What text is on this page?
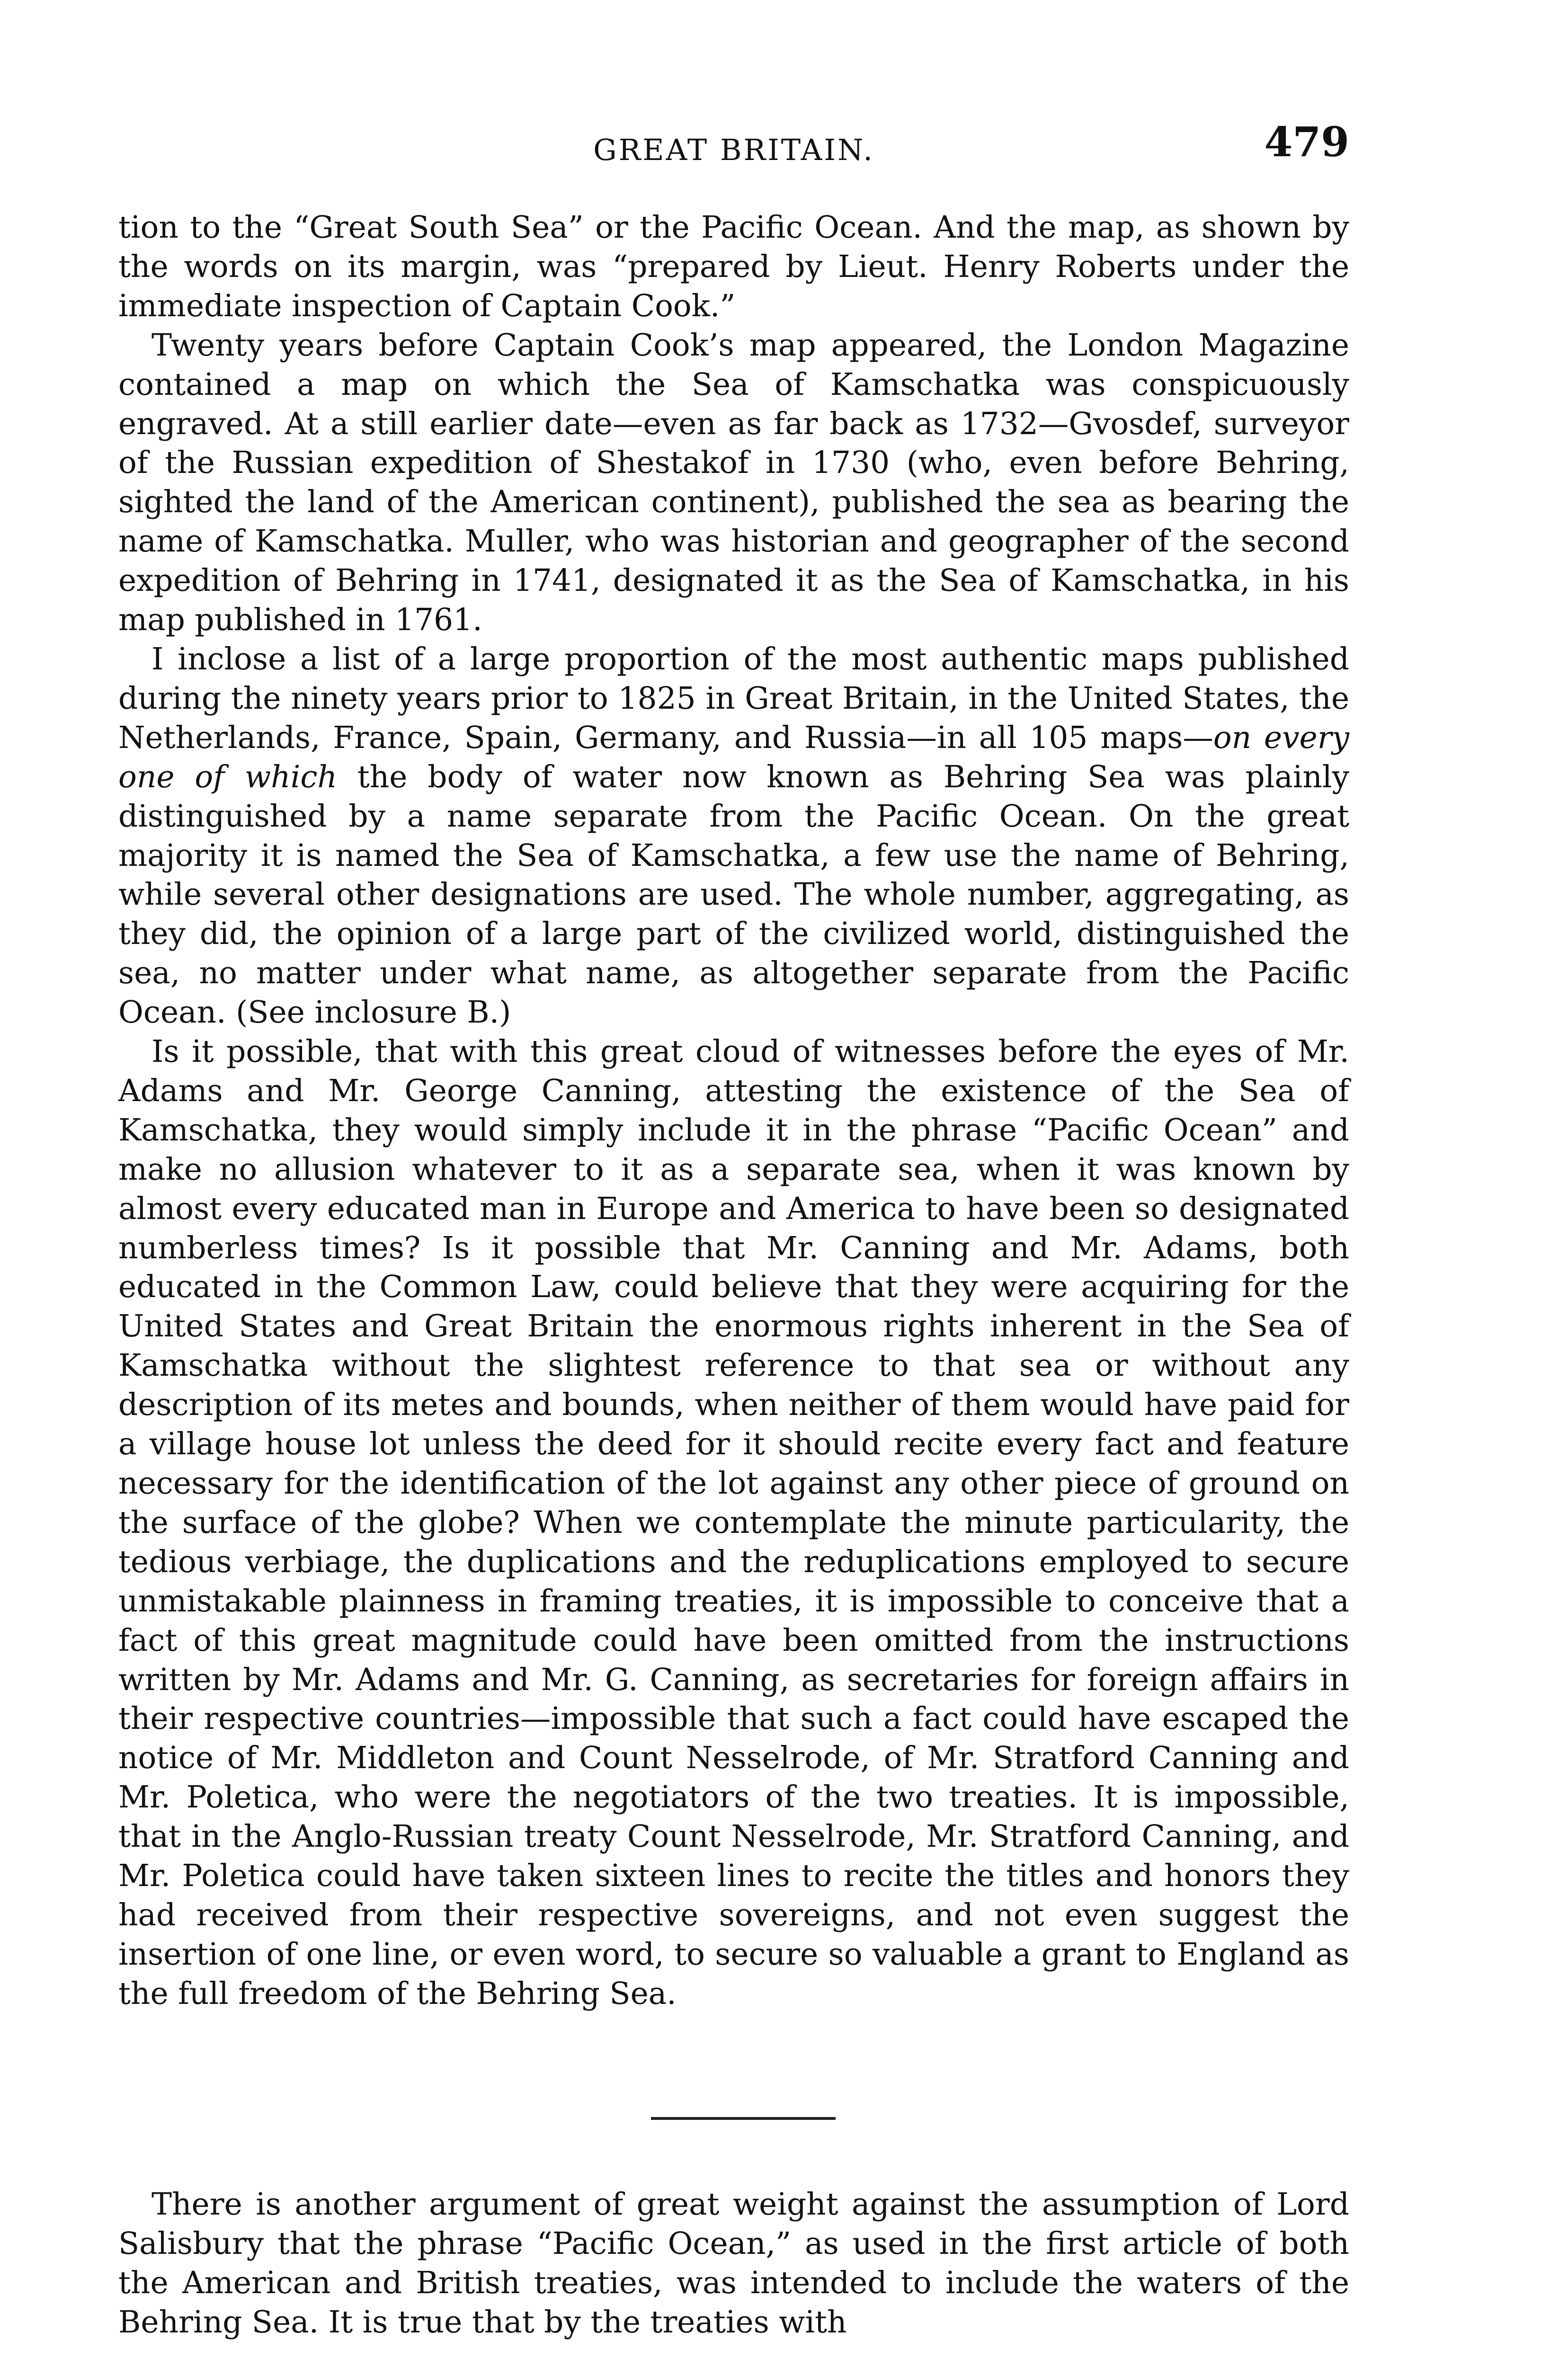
GREAT BRITAIN.	479

tion to the “Great South Sea” or the Pacific Ocean. And the map, as shown by the words on its margin, was “prepared by Lieut. Henry Roberts under the immediate inspection of Captain Cook.”

Twenty years before Captain Cook’s map appeared, the London Magazine contained a map on which the Sea of Kamschatka was conspicuously engraved. At a still earlier date—even as far back as 1732—Gvosdef, surveyor of the Russian expedition of Shestakof in 1730 (who, even before Behring, sighted the land of the American continent), published the sea as bearing the name of Kamschatka. Muller, who was historian and geographer of the second expedition of Behring in 1741, designated it as the Sea of Kamschatka, in his map published in 1761.

I inclose a list of a large proportion of the most authentic maps published during the ninety years prior to 1825 in Great Britain, in the United States, the Netherlands, France, Spain, Germany, and Russia—in all 105 maps—on every one of which the body of water now known as Behring Sea was plainly distinguished by a name separate from the Pacific Ocean. On the great majority it is named the Sea of Kamschatka, a few use the name of Behring, while several other designations are used. The whole number, aggregating, as they did, the opinion of a large part of the civilized world, distinguished the sea, no matter under what name, as altogether separate from the Pacific Ocean. (See inclosure B.)

Is it possible, that with this great cloud of witnesses before the eyes of Mr. Adams and Mr. George Canning, attesting the existence of the Sea of Kamschatka, they would simply include it in the phrase “Pacific Ocean” and make no allusion whatever to it as a separate sea, when it was known by almost every educated man in Europe and America to have been so designated numberless times? Is it possible that Mr. Canning and Mr. Adams, both educated in the Common Law, could believe that they were acquiring for the United States and Great Britain the enormous rights inherent in the Sea of Kamschatka without the slightest reference to that sea or without any description of its metes and bounds, when neither of them would have paid for a village house lot unless the deed for it should recite every fact and feature necessary for the identification of the lot against any other piece of ground on the surface of the globe? When we contemplate the minute particularity, the tedious verbiage, the duplications and the reduplications employed to secure unmistakable plainness in framing treaties, it is impossible to conceive that a fact of this great magnitude could have been omitted from the instructions written by Mr. Adams and Mr. G. Canning, as secretaries for foreign affairs in their respective countries—impossible that such a fact could have escaped the notice of Mr. Middleton and Count Nesselrode, of Mr. Stratford Canning and Mr. Poletica, who were the negotiators of the two treaties. It is impossible, that in the Anglo-Russian treaty Count Nesselrode, Mr. Stratford Canning, and Mr. Poletica could have taken sixteen lines to recite the titles and honors they had received from their respective sovereigns, and not even suggest the insertion of one line, or even word, to secure so valuable a grant to England as the full freedom of the Behring Sea.

There is another argument of great weight against the assumption of Lord Salisbury that the phrase “Pacific Ocean,” as used in the first article of both the American and British treaties, was intended to include the waters of the Behring Sea. It is true that by the treaties with
